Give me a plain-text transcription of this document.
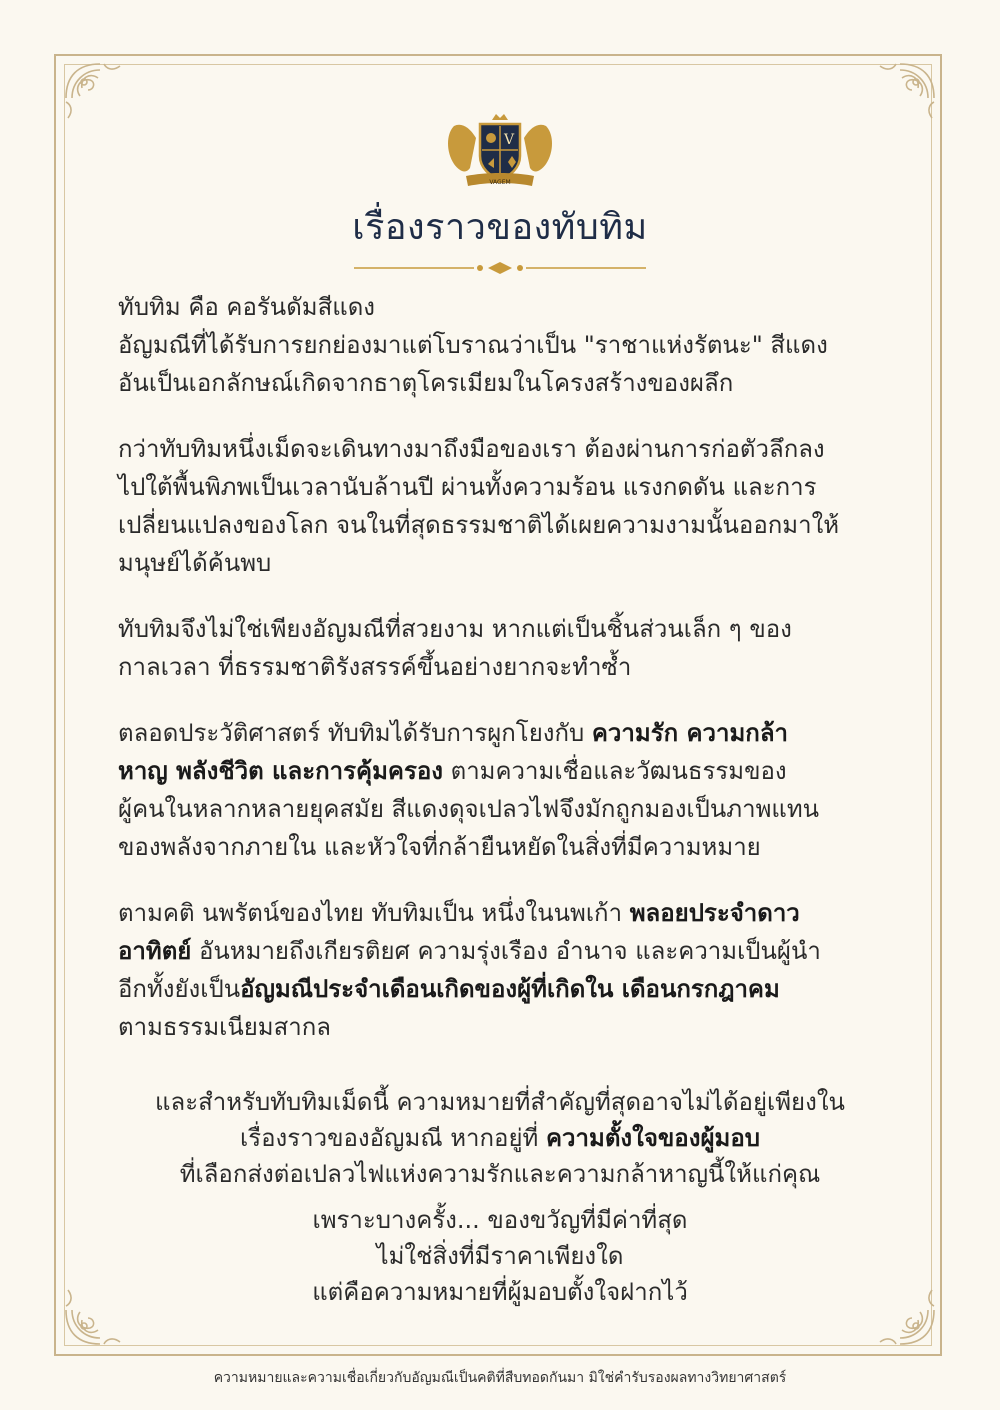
V
VAGEM
เรื่องราวของทับทิม
ทับทิม คือ คอรันดัมสีแดง
อัญมณีที่ได้รับการยกย่องมาแต่โบราณว่าเป็น "ราชาแห่งรัตนะ" สีแดง
อันเป็นเอกลักษณ์เกิดจากธาตุโครเมียมในโครงสร้างของผลึก
กว่าทับทิมหนึ่งเม็ดจะเดินทางมาถึงมือของเรา ต้องผ่านการก่อตัวลึกลง
ไปใต้พื้นพิภพเป็นเวลานับล้านปี ผ่านทั้งความร้อน แรงกดดัน และการ
เปลี่ยนแปลงของโลก จนในที่สุดธรรมชาติได้เผยความงามนั้นออกมาให้
มนุษย์ได้ค้นพบ
ทับทิมจึงไม่ใช่เพียงอัญมณีที่สวยงาม หากแต่เป็นชิ้นส่วนเล็ก ๆ ของ
กาลเวลา ที่ธรรมชาติรังสรรค์ขึ้นอย่างยากจะทำซ้ำ
ตลอดประวัติศาสตร์ ทับทิมได้รับการผูกโยงกับ ความรัก ความกล้า
หาญ พลังชีวิต และการคุ้มครอง ตามความเชื่อและวัฒนธรรมของ
ผู้คนในหลากหลายยุคสมัย สีแดงดุจเปลวไฟจึงมักถูกมองเป็นภาพแทน
ของพลังจากภายใน และหัวใจที่กล้ายืนหยัดในสิ่งที่มีความหมาย
ตามคติ นพรัตน์ของไทย ทับทิมเป็น หนึ่งในนพเก้า พลอยประจำดาว
อาทิตย์ อันหมายถึงเกียรติยศ ความรุ่งเรือง อำนาจ และความเป็นผู้นำ
อีกทั้งยังเป็นอัญมณีประจำเดือนเกิดของผู้ที่เกิดใน เดือนกรกฎาคม
ตามธรรมเนียมสากล
และสำหรับทับทิมเม็ดนี้ ความหมายที่สำคัญที่สุดอาจไม่ได้อยู่เพียงใน
เรื่องราวของอัญมณี หากอยู่ที่ ความตั้งใจของผู้มอบ
ที่เลือกส่งต่อเปลวไฟแห่งความรักและความกล้าหาญนี้ให้แก่คุณ
เพราะบางครั้ง... ของขวัญที่มีค่าที่สุด
ไม่ใช่สิ่งที่มีราคาเพียงใด
แต่คือความหมายที่ผู้มอบตั้งใจฝากไว้
ความหมายและความเชื่อเกี่ยวกับอัญมณีเป็นคติที่สืบทอดกันมา มิใช่คำรับรองผลทางวิทยาศาสตร์
